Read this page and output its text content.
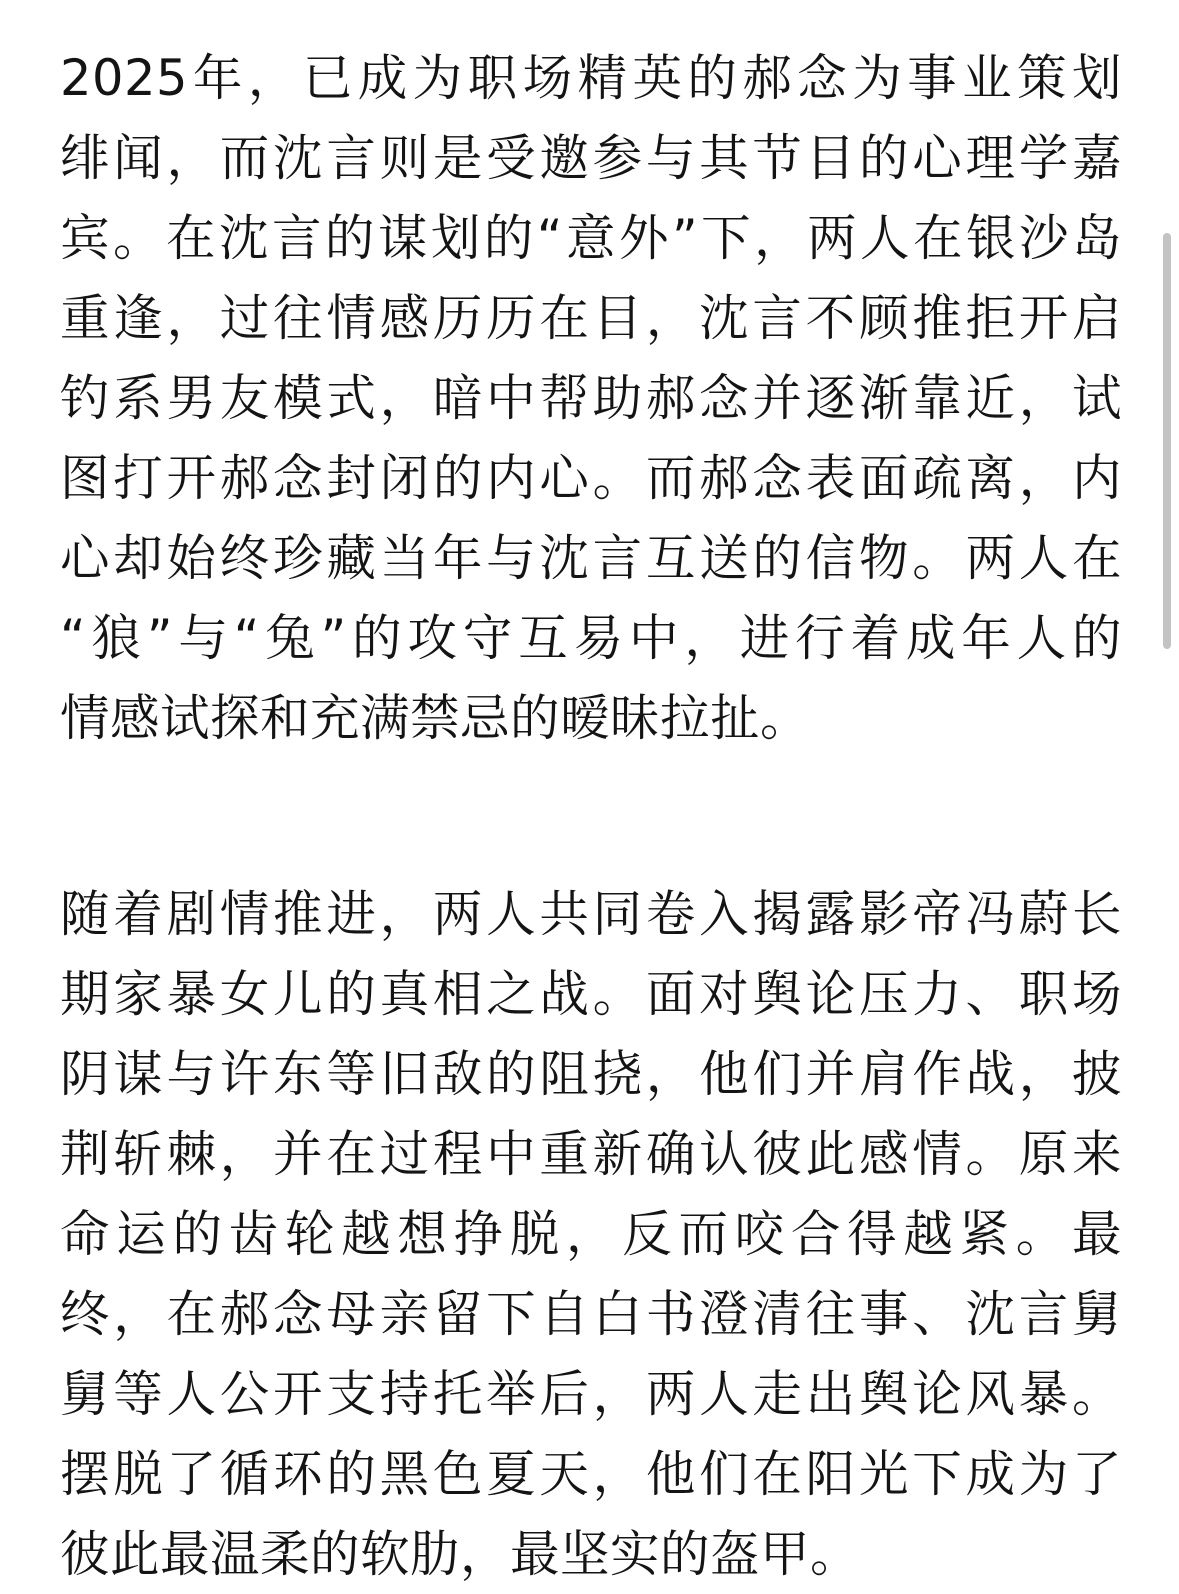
2025年，已成为职场精英的郝念为事业策划
绯闻，而沈言则是受邀参与其节目的心理学嘉
宾。在沈言的谋划的“意外”下，两人在银沙岛
重逢，过往情感历历在目，沈言不顾推拒开启
钓系男友模式，暗中帮助郝念并逐渐靠近，试
图打开郝念封闭的内心。而郝念表面疏离，内
心却始终珍藏当年与沈言互送的信物。两人在
“狼”与“兔”的攻守互易中，进行着成年人的
情感试探和充满禁忌的暧昧拉扯。
随着剧情推进，两人共同卷入揭露影帝冯蔚长
期家暴女儿的真相之战。面对舆论压力、职场
阴谋与许东等旧敌的阻挠，他们并肩作战，披
荆斩棘，并在过程中重新确认彼此感情。原来
命运的齿轮越想挣脱，反而咬合得越紧。最
终，在郝念母亲留下自白书澄清往事、沈言舅
舅等人公开支持托举后，两人走出舆论风暴。
摆脱了循环的黑色夏天，他们在阳光下成为了
彼此最温柔的软肋，最坚实的盔甲。
